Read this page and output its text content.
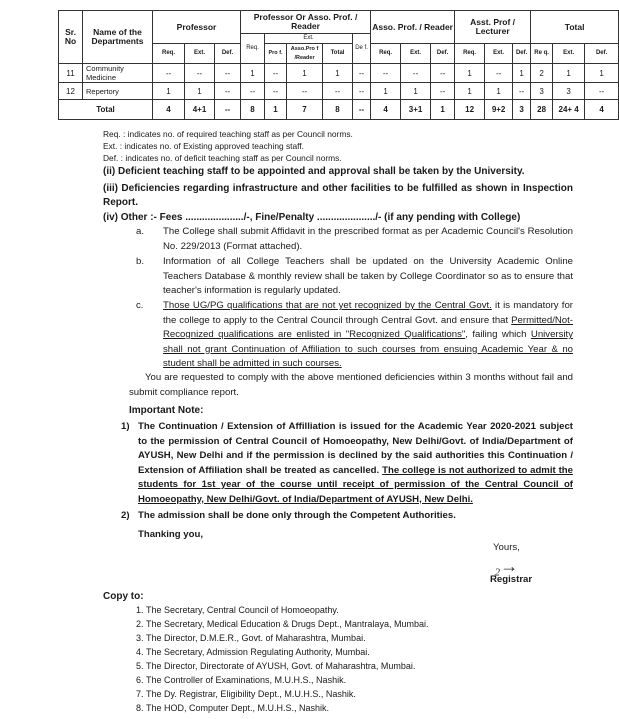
Sr. No	Name of the Departments	Professor			Professor Or Asso. Prof. / Reader					Asso. Prof. / Reader			Asst. Prof / Lecturer			Total		
					Req.	Ext.			De f.									
		Req.	Ext.	Def.		Pro f.	Asso.Pro f /Reader	Total		Req.	Ext.	Def.	Req.	Ext.	Def.	Re q.	Ext.	Def.
11	Community Medicine	--	--	--	1	--	1	1	--	--	--	--	1	--	1	2	1	1
12	Repertory	1	1	--	--	--	--	--	--	1	1	--	1	1	--	3	3	--
Total		4	4+1	--	8	1	7	8	--	4	3+1	1	12	9+2	3	28	24+ 4	4
Req. : indicates no. of required teaching staff as per Council norms.
Ext. : indicates no. of Existing approved teaching staff.
Def. : indicates no. of deficit teaching staff as per Council norms.
(ii) Deficient teaching staff to be appointed and approval shall be taken by the University.
(iii) Deficiencies regarding infrastructure and other facilities to be fulfilled as shown in Inspection Report.
(iv) Other :- Fees ...................../-, Fine/Penalty ...................../- (if any pending with College)
a.	The College shall submit Affidavit in the prescribed format as per Academic Council's Resolution No. 229/2013 (Format attached).
b.	Information of all College Teachers shall be updated on the University Academic Online Teachers Database & monthly review shall be taken by College Coordinator so as to ensure that teacher's information is regularly updated.
c.	Those UG/PG qualifications that are not yet recognized by the Central Govt. it is mandatory for the college to apply to the Central Council through Central Govt. and ensure that Permitted/Not-Recognized qualifications are enlisted in "Recognized Qualifications", failing which University shall not grant Continuation of Affiliation to such courses from ensuing Academic Year & no student shall be admitted in such courses.
You are requested to comply with the above mentioned deficiencies within 3 months without fail and submit compliance report.
Important Note:
1) The Continuation / Extension of Affilliation is issued for the Academic Year 2020-2021 subject to the permission of Central Council of Homoeopathy, New Delhi/Govt. of India/Department of AYUSH, New Delhi and if the permission is declined by the said authorities this Continuation / Extension of Affiliation shall be treated as cancelled. The college is not authorized to admit the students for 1st year of the course until receipt of permission of the Central Council of Homoeopathy, New Delhi/Govt. of India/Department of AYUSH, New Delhi.
2) The admission shall be done only through the Competent Authorities.
Thanking you,
Yours,
₂→
Registrar
Copy to:
1. The Secretary, Central Council of Homoeopathy.
2. The Secretary, Medical Education & Drugs Dept., Mantralaya, Mumbai.
3. The Director, D.M.E.R., Govt. of Maharashtra, Mumbai.
4. The Secretary, Admission Regulating Authority, Mumbai.
5. The Director, Directorate of AYUSH, Govt. of Maharashtra, Mumbai.
6. The Controller of Examinations, M.U.H.S., Nashik.
7. The Dy. Registrar, Eligibility Dept., M.U.H.S., Nashik.
8. The HOD, Computer Dept., M.U.H.S., Nashik.
